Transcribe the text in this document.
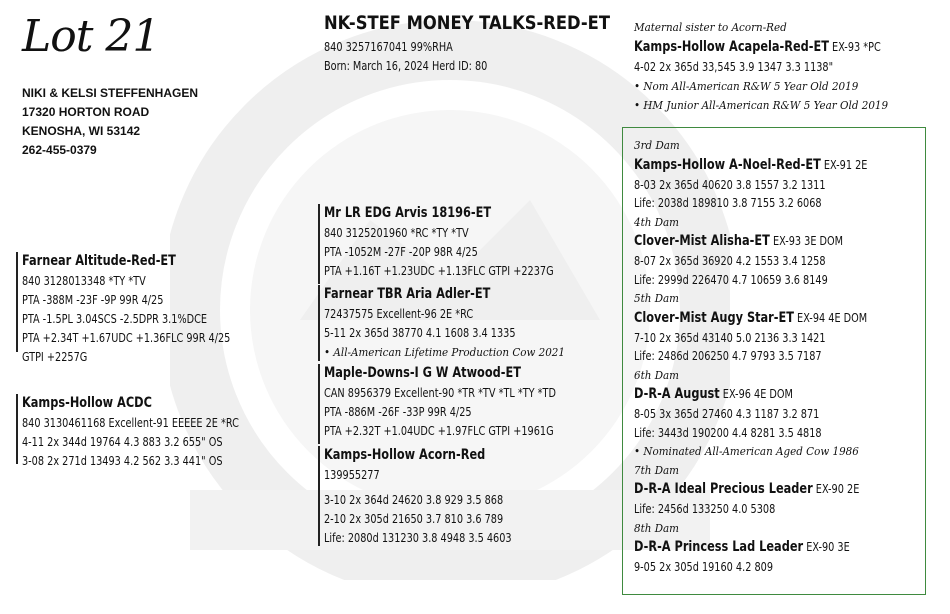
Lot 21
NIKI & KELSI STEFFENHAGEN
17320 HORTON ROAD
KENOSHA, WI 53142
262-455-0379
NK-STEF MONEY TALKS-RED-ET
840 3257167041 99%RHA
Born: March 16, 2024 Herd ID: 80
Maternal sister to Acorn-Red
Kamps-Hollow Acapela-Red-ET EX-93 *PC
4-02 2x 365d 33,545 3.9 1347 3.3 1138"
• Nom All-American R&W 5 Year Old 2019
• HM Junior All-American R&W 5 Year Old 2019
Farnear Altitude-Red-ET
840 3128013348 *TY *TV
PTA -388M -23F -9P 99R 4/25
PTA -1.5PL 3.04SCS -2.5DPR 3.1%DCE
PTA +2.34T +1.67UDC +1.36FLC 99R 4/25
GTPI +2257G
Kamps-Hollow ACDC
840 3130461168 Excellent-91 EEEEE 2E *RC
4-11 2x 344d 19764 4.3 883 3.2 655" OS
3-08 2x 271d 13493 4.2 562 3.3 441" OS
Mr LR EDG Arvis 18196-ET
840 3125201960 *RC *TY *TV
PTA -1052M -27F -20P 98R 4/25
PTA +1.16T +1.23UDC +1.13FLC GTPI +2237G
Farnear TBR Aria Adler-ET
72437575 Excellent-96 2E *RC
5-11 2x 365d 38770 4.1 1608 3.4 1335
• All-American Lifetime Production Cow 2021
Maple-Downs-I G W Atwood-ET
CAN 8956379 Excellent-90 *TR *TV *TL *TY *TD
PTA -886M -26F -33P 99R 4/25
PTA +2.32T +1.04UDC +1.97FLC GTPI +1961G
Kamps-Hollow Acorn-Red
139955277
3-10 2x 364d 24620 3.8 929 3.5 868
2-10 2x 305d 21650 3.7 810 3.6 789
Life: 2080d 131230 3.8 4948 3.5 4603
3rd Dam
Kamps-Hollow A-Noel-Red-ET EX-91 2E
8-03 2x 365d 40620 3.8 1557 3.2 1311
Life: 2038d 189810 3.8 7155 3.2 6068
4th Dam
Clover-Mist Alisha-ET EX-93 3E DOM
8-07 2x 365d 36920 4.2 1553 3.4 1258
Life: 2999d 226470 4.7 10659 3.6 8149
5th Dam
Clover-Mist Augy Star-ET EX-94 4E DOM
7-10 2x 365d 43140 5.0 2136 3.3 1421
Life: 2486d 206250 4.7 9793 3.5 7187
6th Dam
D-R-A August EX-96 4E DOM
8-05 3x 365d 27460 4.3 1187 3.2 871
Life: 3443d 190200 4.4 8281 3.5 4818
• Nominated All-American Aged Cow 1986
7th Dam
D-R-A Ideal Precious Leader EX-90 2E
Life: 2456d 133250 4.0 5308
8th Dam
D-R-A Princess Lad Leader EX-90 3E
9-05 2x 305d 19160 4.2 809
